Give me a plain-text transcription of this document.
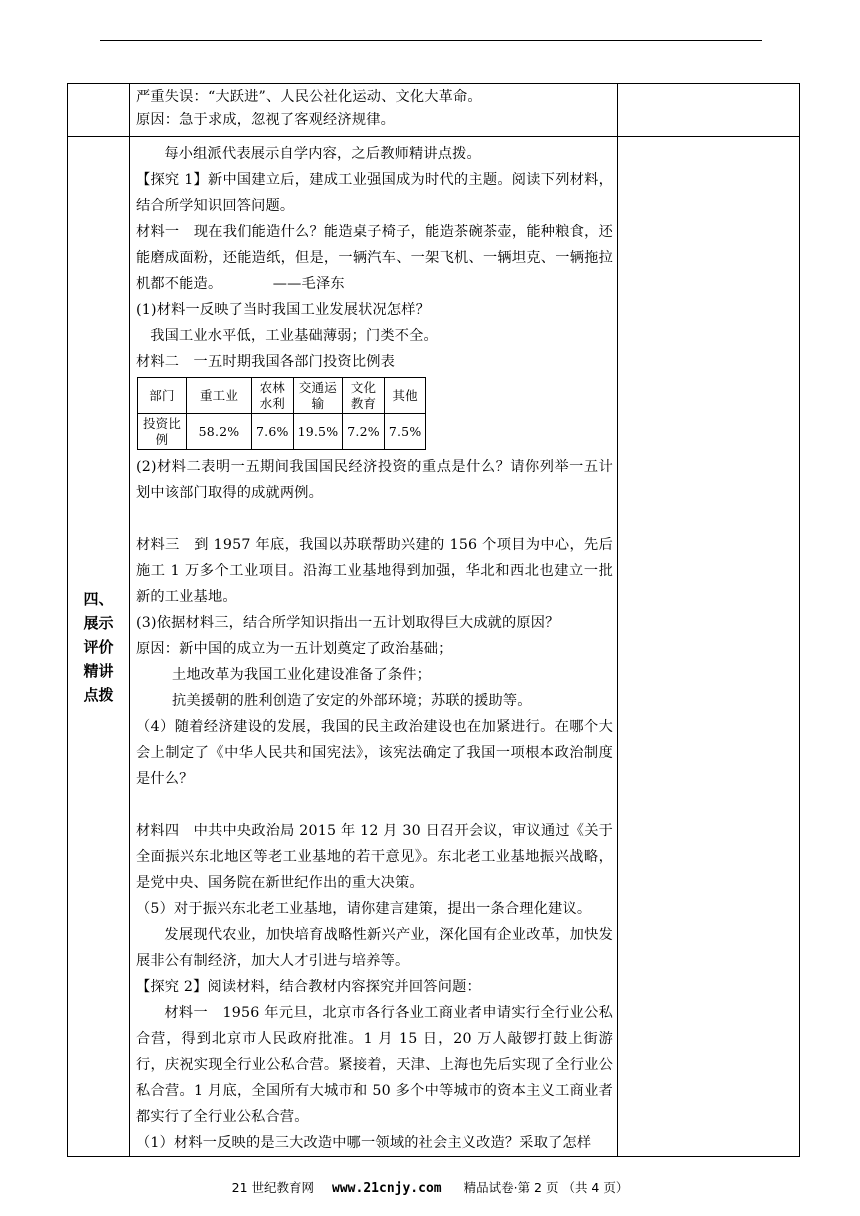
严重失误：“大跃进”、人民公社化运动、文化大革命。

原因：急于求成，忽视了客观经济规律。

四、
展示
评价
精讲
点拨

每小组派代表展示自学内容，之后教师精讲点拨。

【探究 1】新中国建立后，建成工业强国成为时代的主题。阅读下列材料，结合所学知识回答问题。

材料一　现在我们能造什么？能造桌子椅子，能造茶碗茶壶，能种粮食，还能磨成面粉，还能造纸，但是，一辆汽车、一架飞机、一辆坦克、一辆拖拉机都不能造。　　　　——毛泽东

(1)材料一反映了当时我国工业发展状况怎样？

我国工业水平低，工业基础薄弱；门类不全。

材料二　一五时期我国各部门投资比例表

部门	重工业	农林水利	交通运输	文化教育	其他
投资比例	58.2%	7.6%	19.5%	7.2%	7.5%

(2)材料二表明一五期间我国国民经济投资的重点是什么？请你列举一五计划中该部门取得的成就两例。

材料三　到 1957 年底，我国以苏联帮助兴建的 156 个项目为中心，先后施工 1 万多个工业项目。沿海工业基地得到加强，华北和西北也建立一批新的工业基地。

(3)依据材料三，结合所学知识指出一五计划取得巨大成就的原因？

原因：新中国的成立为一五计划奠定了政治基础；

土地改革为我国工业化建设准备了条件；

抗美援朝的胜利创造了安定的外部环境；苏联的援助等。

（4）随着经济建设的发展，我国的民主政治建设也在加紧进行。在哪个大会上制定了《中华人民共和国宪法》，该宪法确定了我国一项根本政治制度是什么？

材料四　中共中央政治局 2015 年 12 月 30 日召开会议，审议通过《关于全面振兴东北地区等老工业基地的若干意见》。东北老工业基地振兴战略，是党中央、国务院在新世纪作出的重大决策。

（5）对于振兴东北老工业基地，请你建言建策，提出一条合理化建议。

发展现代农业，加快培育战略性新兴产业，深化国有企业改革，加快发展非公有制经济，加大人才引进与培养等。

【探究 2】阅读材料，结合教材内容探究并回答问题：

材料一　1956 年元旦，北京市各行各业工商业者申请实行全行业公私合营，得到北京市人民政府批准。1 月 15 日，20 万人敲锣打鼓上街游行，庆祝实现全行业公私合营。紧接着，天津、上海也先后实现了全行业公私合营。1 月底，全国所有大城市和 50 多个中等城市的资本主义工商业者都实行了全行业公私合营。

（1）材料一反映的是三大改造中哪一领域的社会主义改造？采取了怎样

21 世纪教育网 www.21cnjy.com 精品试卷·第 2 页 （共 4 页）
